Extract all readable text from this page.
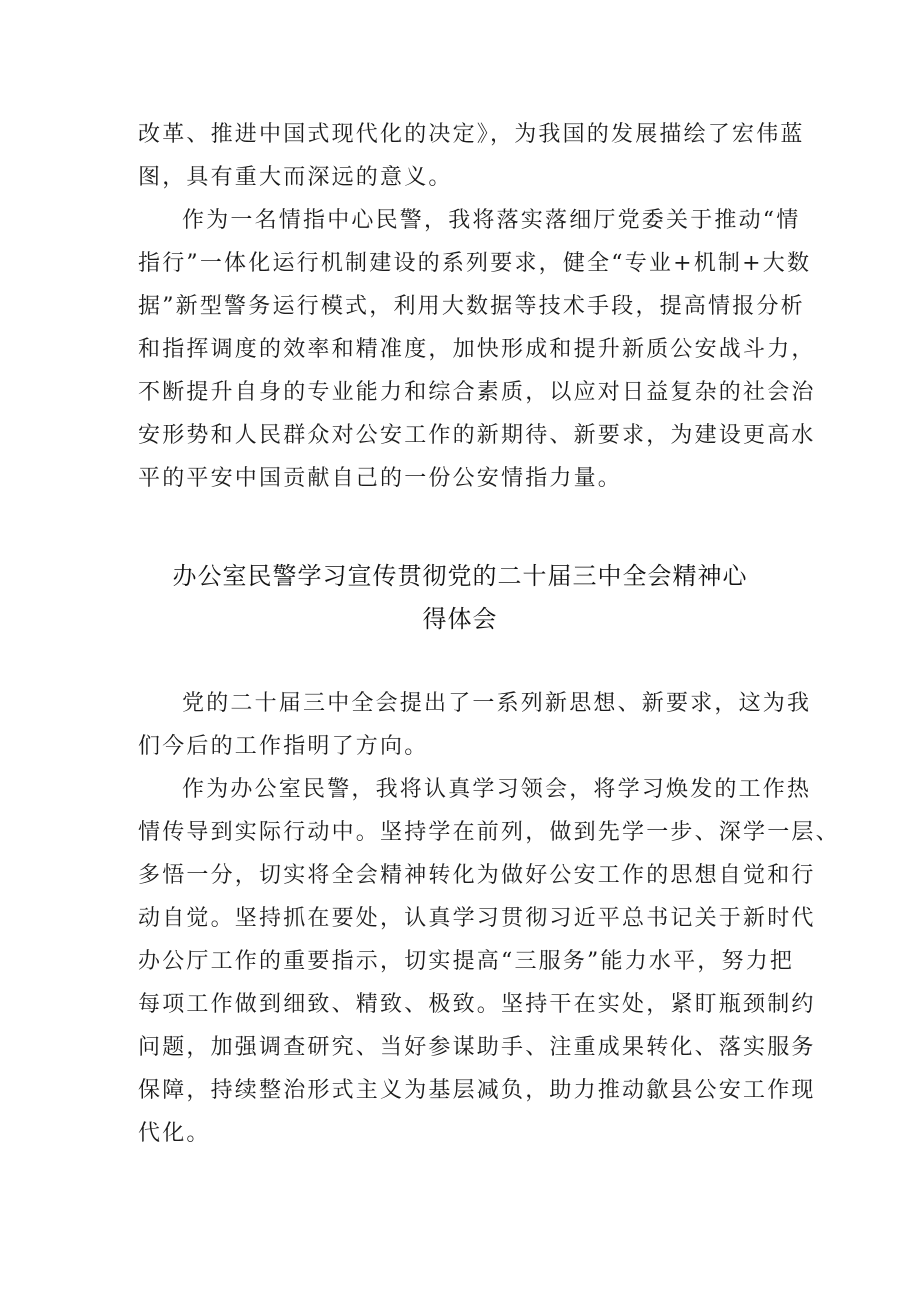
改革、推进中国式现代化的决定》，为我国的发展描绘了宏伟蓝
图，具有重大而深远的意义。
作为一名情指中心民警，我将落实落细厅党委关于推动“情
指行”一体化运行机制建设的系列要求，健全“专业+机制+大数
据”新型警务运行模式，利用大数据等技术手段，提高情报分析
和指挥调度的效率和精准度，加快形成和提升新质公安战斗力，
不断提升自身的专业能力和综合素质，以应对日益复杂的社会治
安形势和人民群众对公安工作的新期待、新要求，为建设更高水
平的平安中国贡献自己的一份公安情指力量。
办公室民警学习宣传贯彻党的二十届三中全会精神心
得体会
党的二十届三中全会提出了一系列新思想、新要求，这为我
们今后的工作指明了方向。
作为办公室民警，我将认真学习领会，将学习焕发的工作热
情传导到实际行动中。坚持学在前列，做到先学一步、深学一层、
多悟一分，切实将全会精神转化为做好公安工作的思想自觉和行
动自觉。坚持抓在要处，认真学习贯彻习近平总书记关于新时代
办公厅工作的重要指示，切实提高“三服务”能力水平，努力把
每项工作做到细致、精致、极致。坚持干在实处，紧盯瓶颈制约
问题，加强调查研究、当好参谋助手、注重成果转化、落实服务
保障，持续整治形式主义为基层减负，助力推动歙县公安工作现
代化。
